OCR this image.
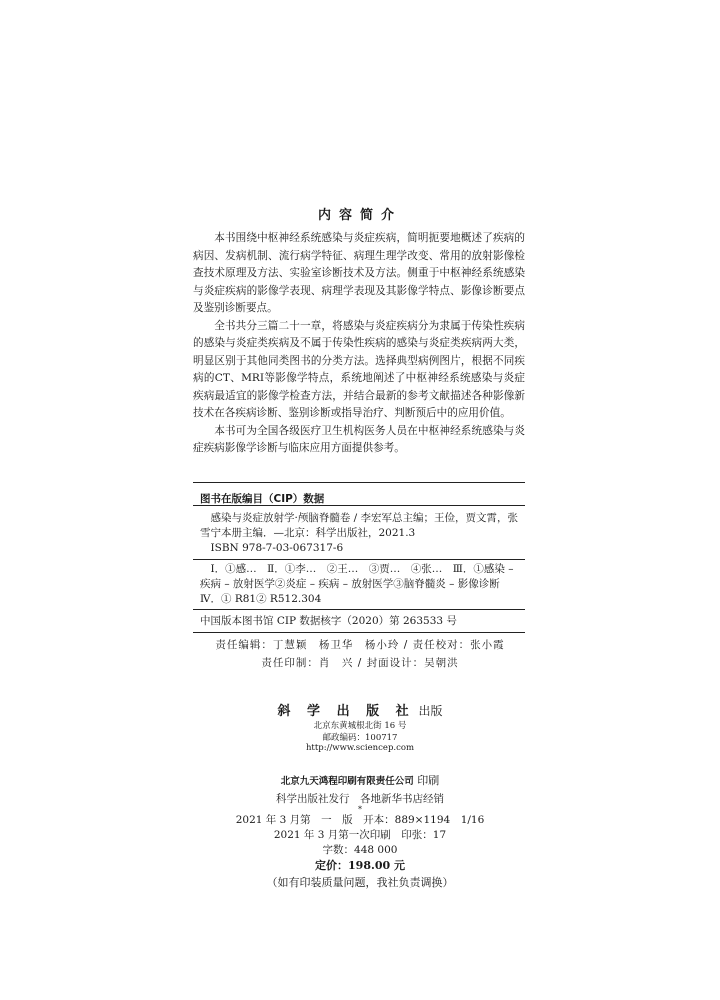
内容简介

本书围绕中枢神经系统感染与炎症疾病，简明扼要地概述了疾病的病因、发病机制、流行病学特征、病理生理学改变、常用的放射影像检查技术原理及方法、实验室诊断技术及方法。侧重于中枢神经系统感染与炎症疾病的影像学表现、病理学表现及其影像学特点、影像诊断要点及鉴别诊断要点。

全书共分三篇二十一章，将感染与炎症疾病分为隶属于传染性疾病的感染与炎症类疾病及不属于传染性疾病的感染与炎症类疾病两大类，明显区别于其他同类图书的分类方法。选择典型病例图片，根据不同疾病的CT、MRI等影像学特点，系统地阐述了中枢神经系统感染与炎症疾病最适宜的影像学检查方法，并结合最新的参考文献描述各种影像新技术在各疾病诊断、鉴别诊断或指导治疗、判断预后中的应用价值。

本书可为全国各级医疗卫生机构医务人员在中枢神经系统感染与炎症疾病影像学诊断与临床应用方面提供参考。

图书在版编目（CIP）数据

感染与炎症放射学·颅脑脊髓卷 / 李宏军总主编；王俭，贾文霄，张雪宁本册主编．—北京：科学出版社，2021.3

ISBN 978-7-03-067317-6

Ⅰ．①感…　Ⅱ．①李…　②王…　③贾…　④张…　Ⅲ．①感染 – 疾病 – 放射医学②炎症 – 疾病 – 放射医学③脑脊髓炎 – 影像诊断　Ⅳ．① R81② R512.304

中国版本图书馆 CIP 数据核字（2020）第 263533 号

责任编辑：丁慧颖　杨卫华　杨小玲 / 责任校对：张小霞
责任印制：肖　兴 / 封面设计：吴朝洪
斜 学 出 版 社 出版
北京东黄城根北街 16 号
邮政编码：100717
http://www.sciencep.com
北京九天鸿程印刷有限责任公司 印刷
科学出版社发行　各地新华书店经销
*
2021 年 3 月第　一　版　开本：889×1194　1/16
2021 年 3 月第一次印刷　印张：17
字数：448 000
定价：198.00 元
（如有印装质量问题，我社负责调换）
